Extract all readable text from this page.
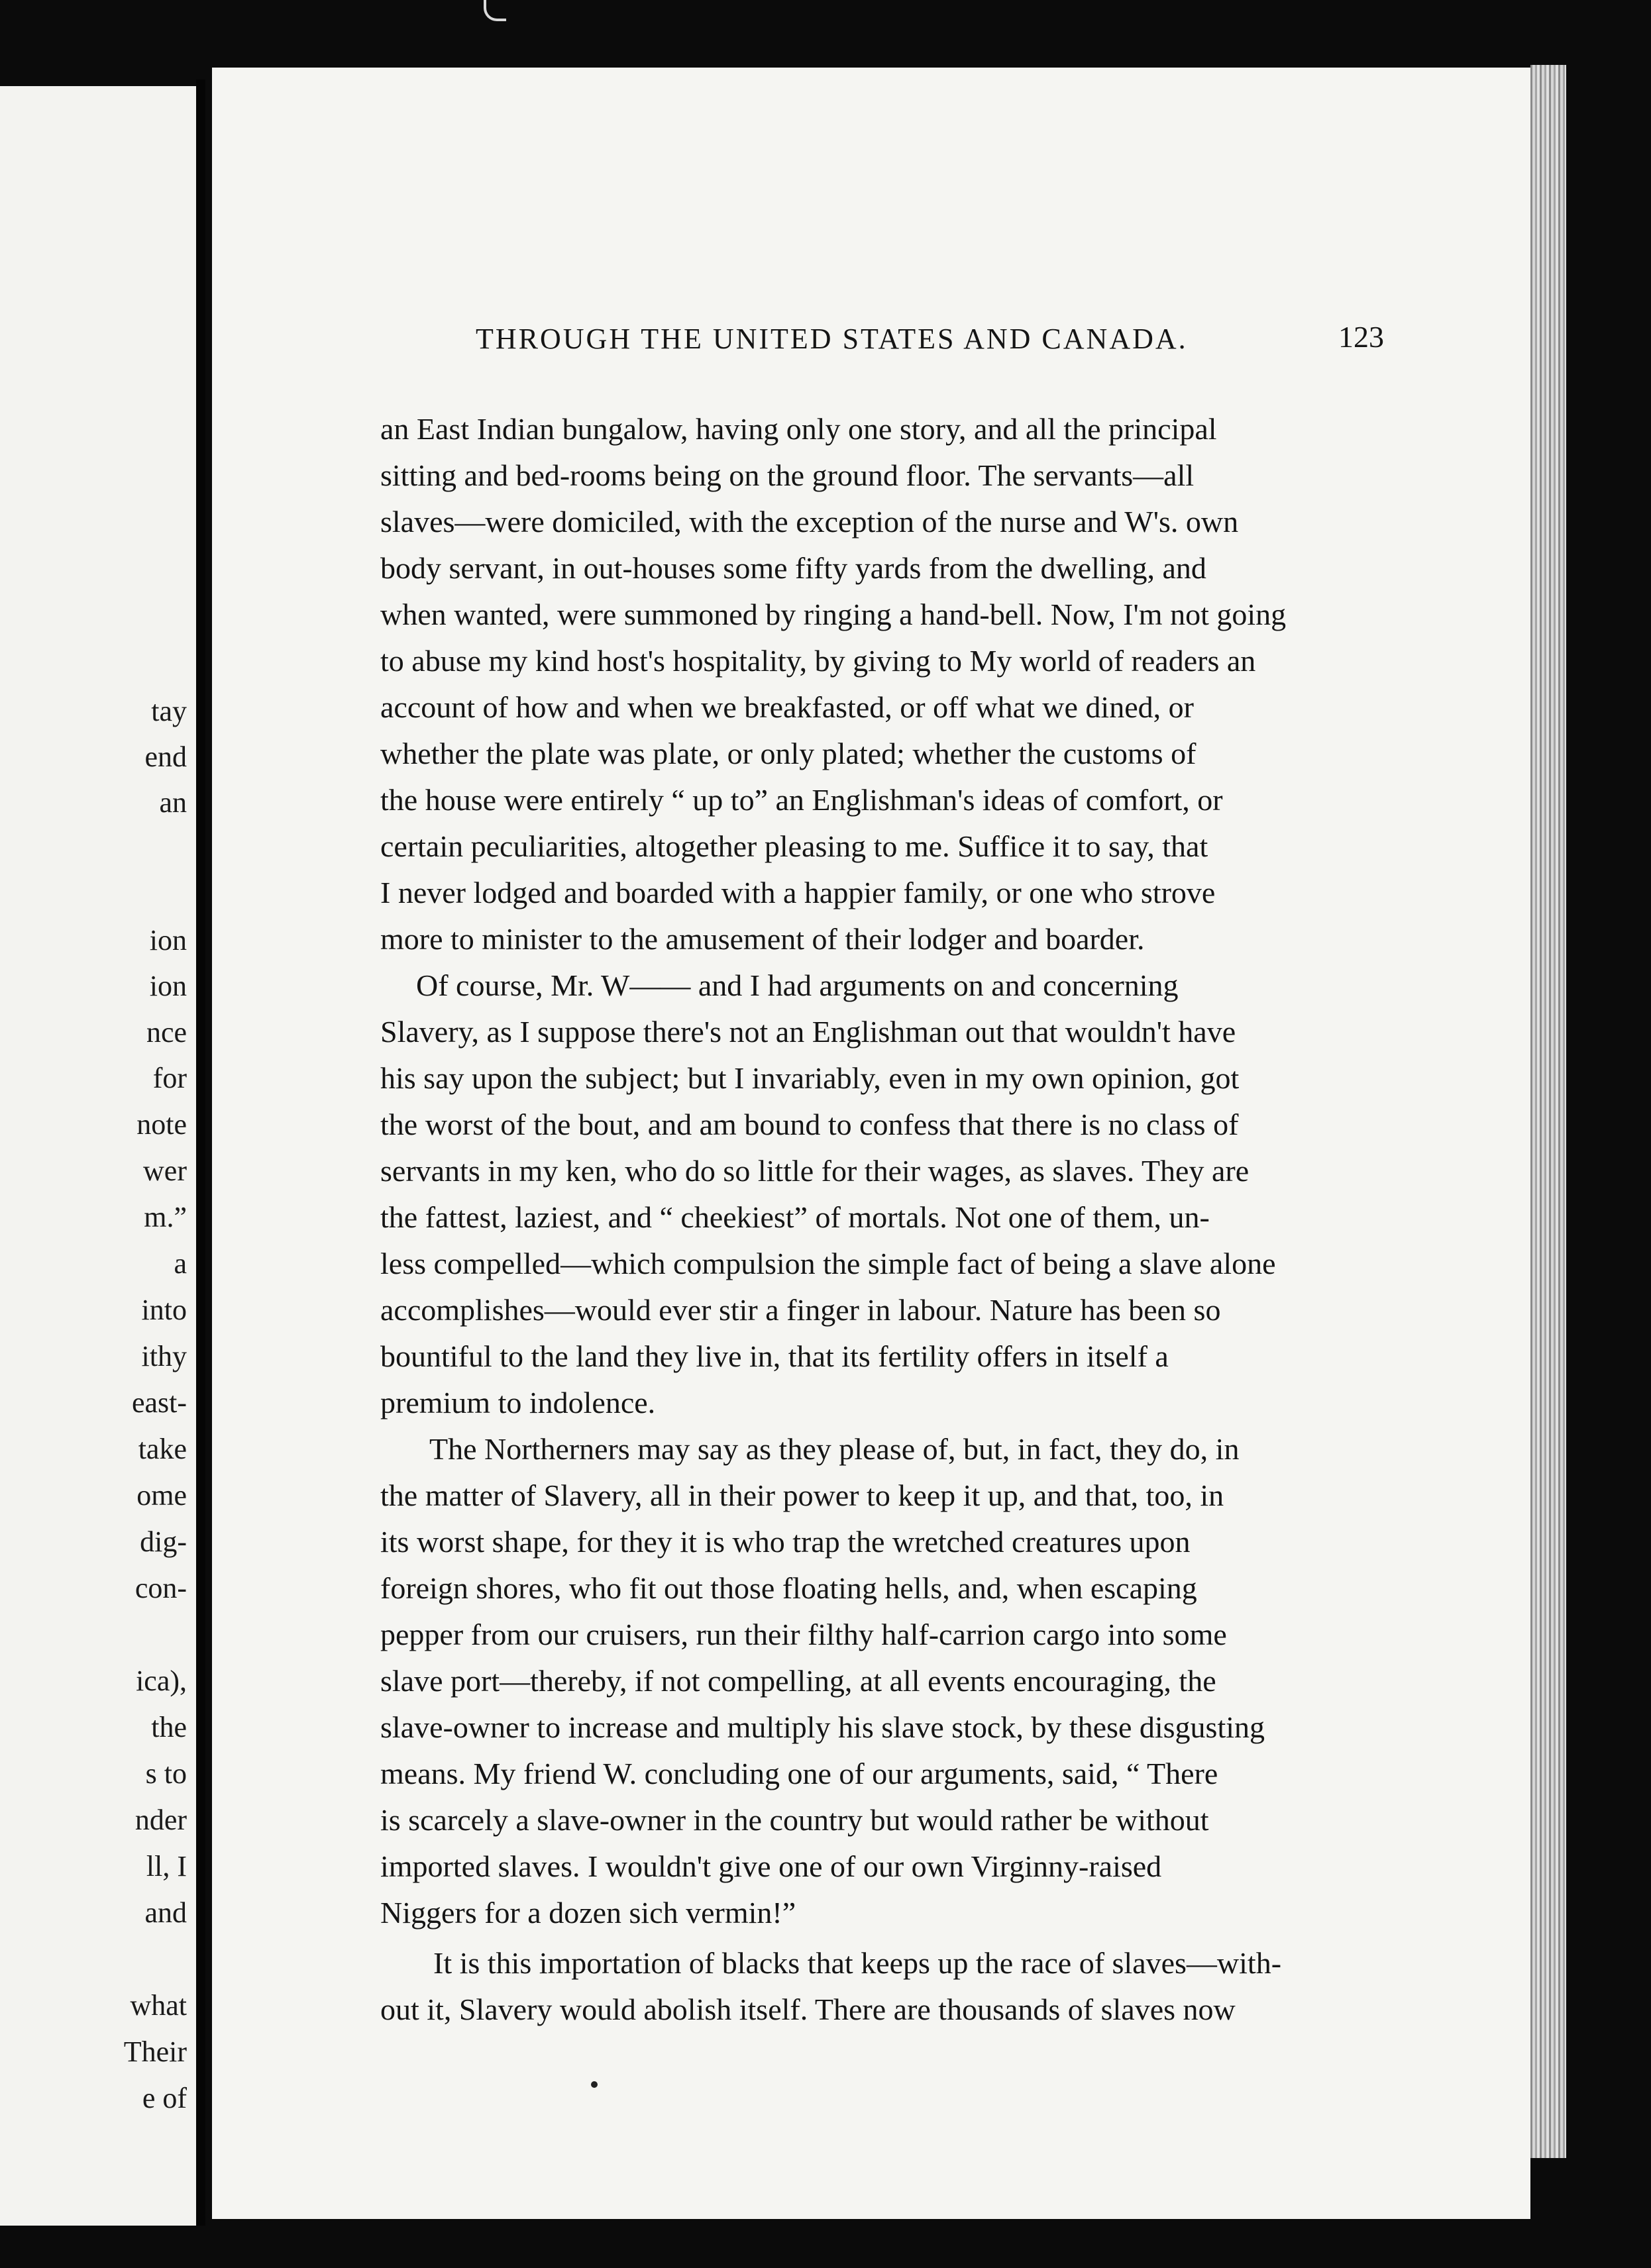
tay
end
an
ion
ion
nce
for
note
wer
m.”
a
into
ithy
east-
take
ome
dig-
con-
ica),
the
s to
nder
ll, I
and
what
Their
e of
THROUGH THE UNITED STATES AND CANADA.	123
an East Indian bungalow, having only one story, and all the principal
sitting and bed-rooms being on the ground floor. The servants—all
slaves—were domiciled, with the exception of the nurse and W's. own
body servant, in out-houses some fifty yards from the dwelling, and
when wanted, were summoned by ringing a hand-bell. Now, I'm not going
to abuse my kind host's hospitality, by giving to My world of readers an
account of how and when we breakfasted, or off what we dined, or
whether the plate was plate, or only plated; whether the customs of
the house were entirely “ up to” an Englishman's ideas of comfort, or
certain peculiarities, altogether pleasing to me. Suffice it to say, that
I never lodged and boarded with a happier family, or one who strove
more to minister to the amusement of their lodger and boarder.
Of course, Mr. W—— and I had arguments on and concerning
Slavery, as I suppose there's not an Englishman out that wouldn't have
his say upon the subject; but I invariably, even in my own opinion, got
the worst of the bout, and am bound to confess that there is no class of
servants in my ken, who do so little for their wages, as slaves. They are
the fattest, laziest, and “ cheekiest” of mortals. Not one of them, un-
less compelled—which compulsion the simple fact of being a slave alone
accomplishes—would ever stir a finger in labour. Nature has been so
bountiful to the land they live in, that its fertility offers in itself a
premium to indolence.
The Northerners may say as they please of, but, in fact, they do, in
the matter of Slavery, all in their power to keep it up, and that, too, in
its worst shape, for they it is who trap the wretched creatures upon
foreign shores, who fit out those floating hells, and, when escaping
pepper from our cruisers, run their filthy half-carrion cargo into some
slave port—thereby, if not compelling, at all events encouraging, the
slave-owner to increase and multiply his slave stock, by these disgusting
means. My friend W. concluding one of our arguments, said, “ There
is scarcely a slave-owner in the country but would rather be without
imported slaves. I wouldn't give one of our own Virginny-raised
Niggers for a dozen sich vermin!”
It is this importation of blacks that keeps up the race of slaves—with-
out it, Slavery would abolish itself. There are thousands of slaves now
